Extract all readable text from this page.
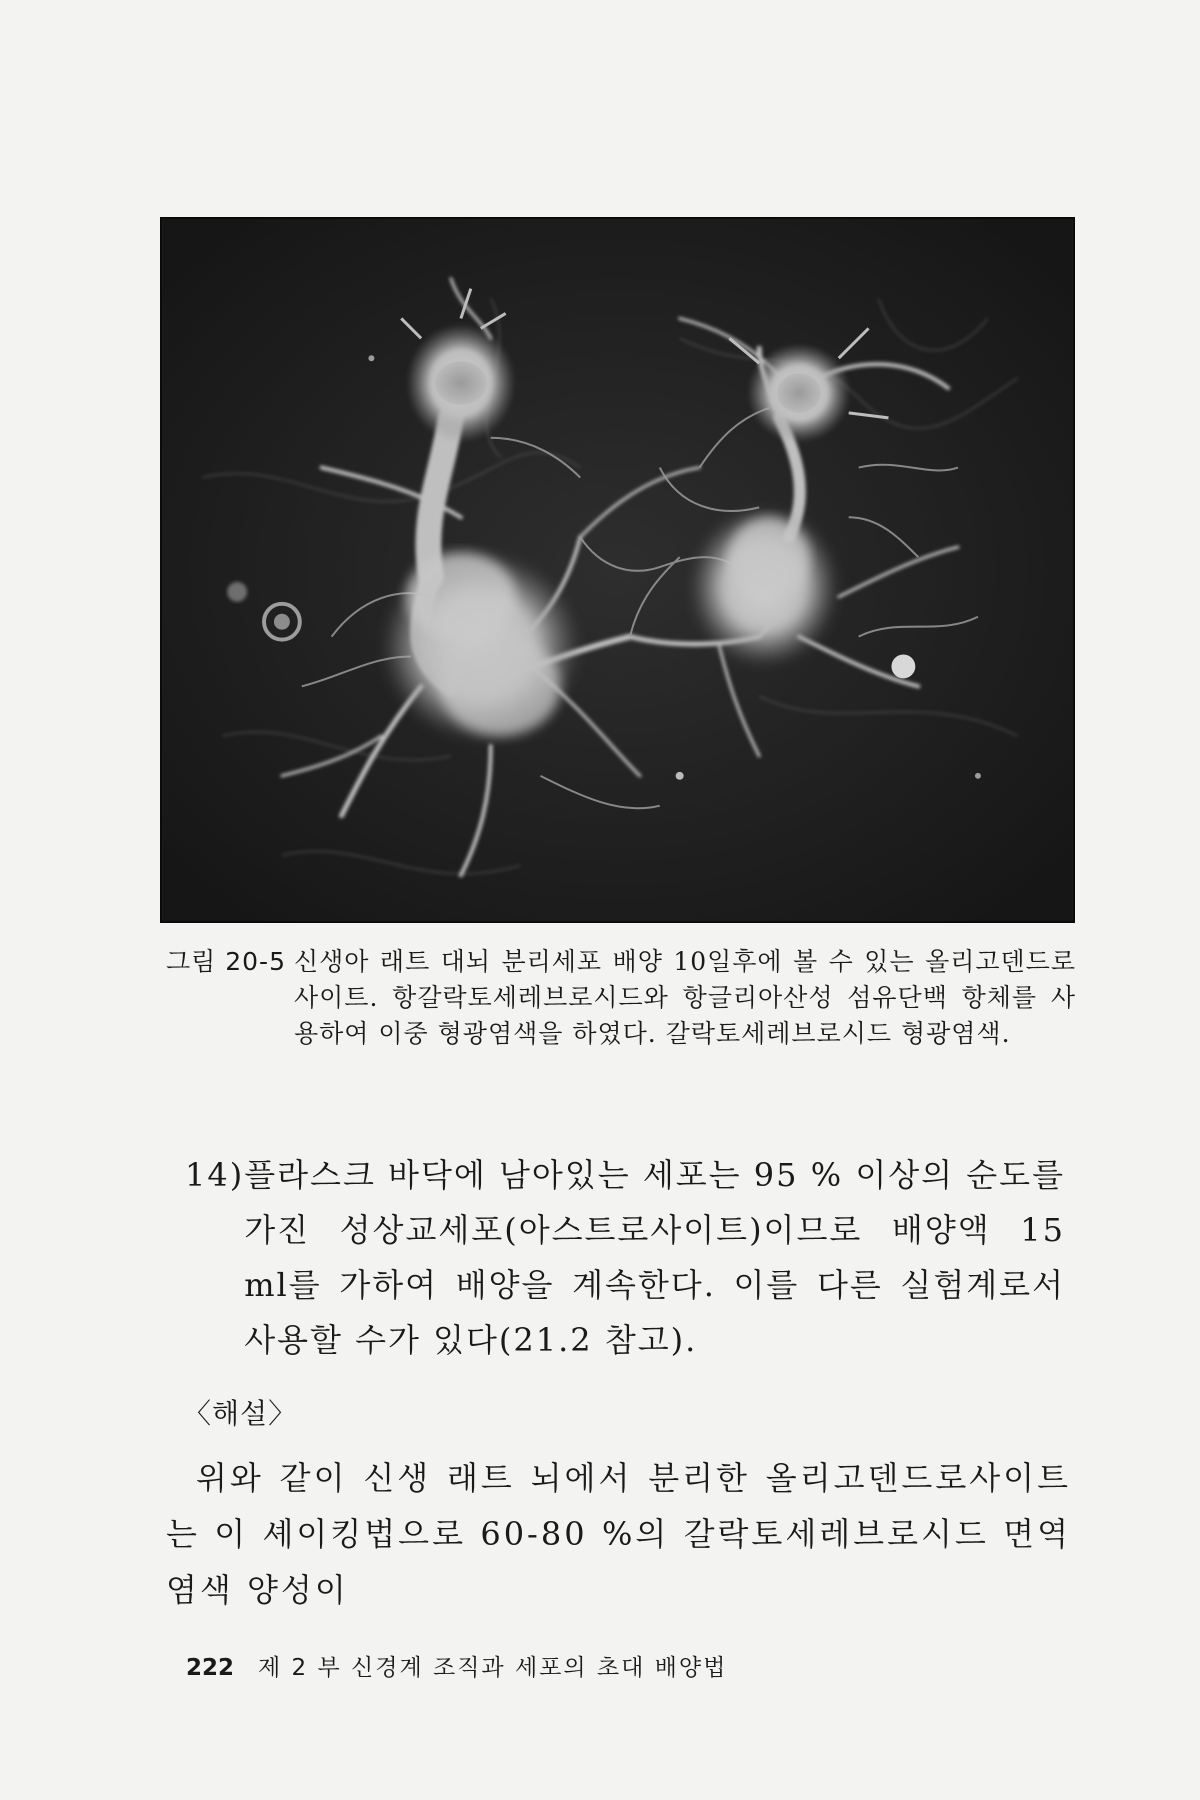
그림 20-5 신생아 래트 대뇌 분리세포 배양 10일후에 볼 수 있는 올리고덴드로사이트. 항갈락토세레브로시드와 항글리아산성 섬유단백 항체를 사용하여 이중 형광염색을 하였다. 갈락토세레브로시드 형광염색.
14) 플라스크 바닥에 남아있는 세포는 95 % 이상의 순도를 가진 성상교세포(아스트로사이트)이므로 배양액 15 ml를 가하여 배양을 계속한다. 이를 다른 실험계로서 사용할 수가 있다(21.2 참고).
〈해설〉
위와 같이 신생 래트 뇌에서 분리한 올리고덴드로사이트는 이 셰이킹법으로 60-80 %의 갈락토세레브로시드 면역염색 양성이
222 제 2 부 신경계 조직과 세포의 초대 배양법
